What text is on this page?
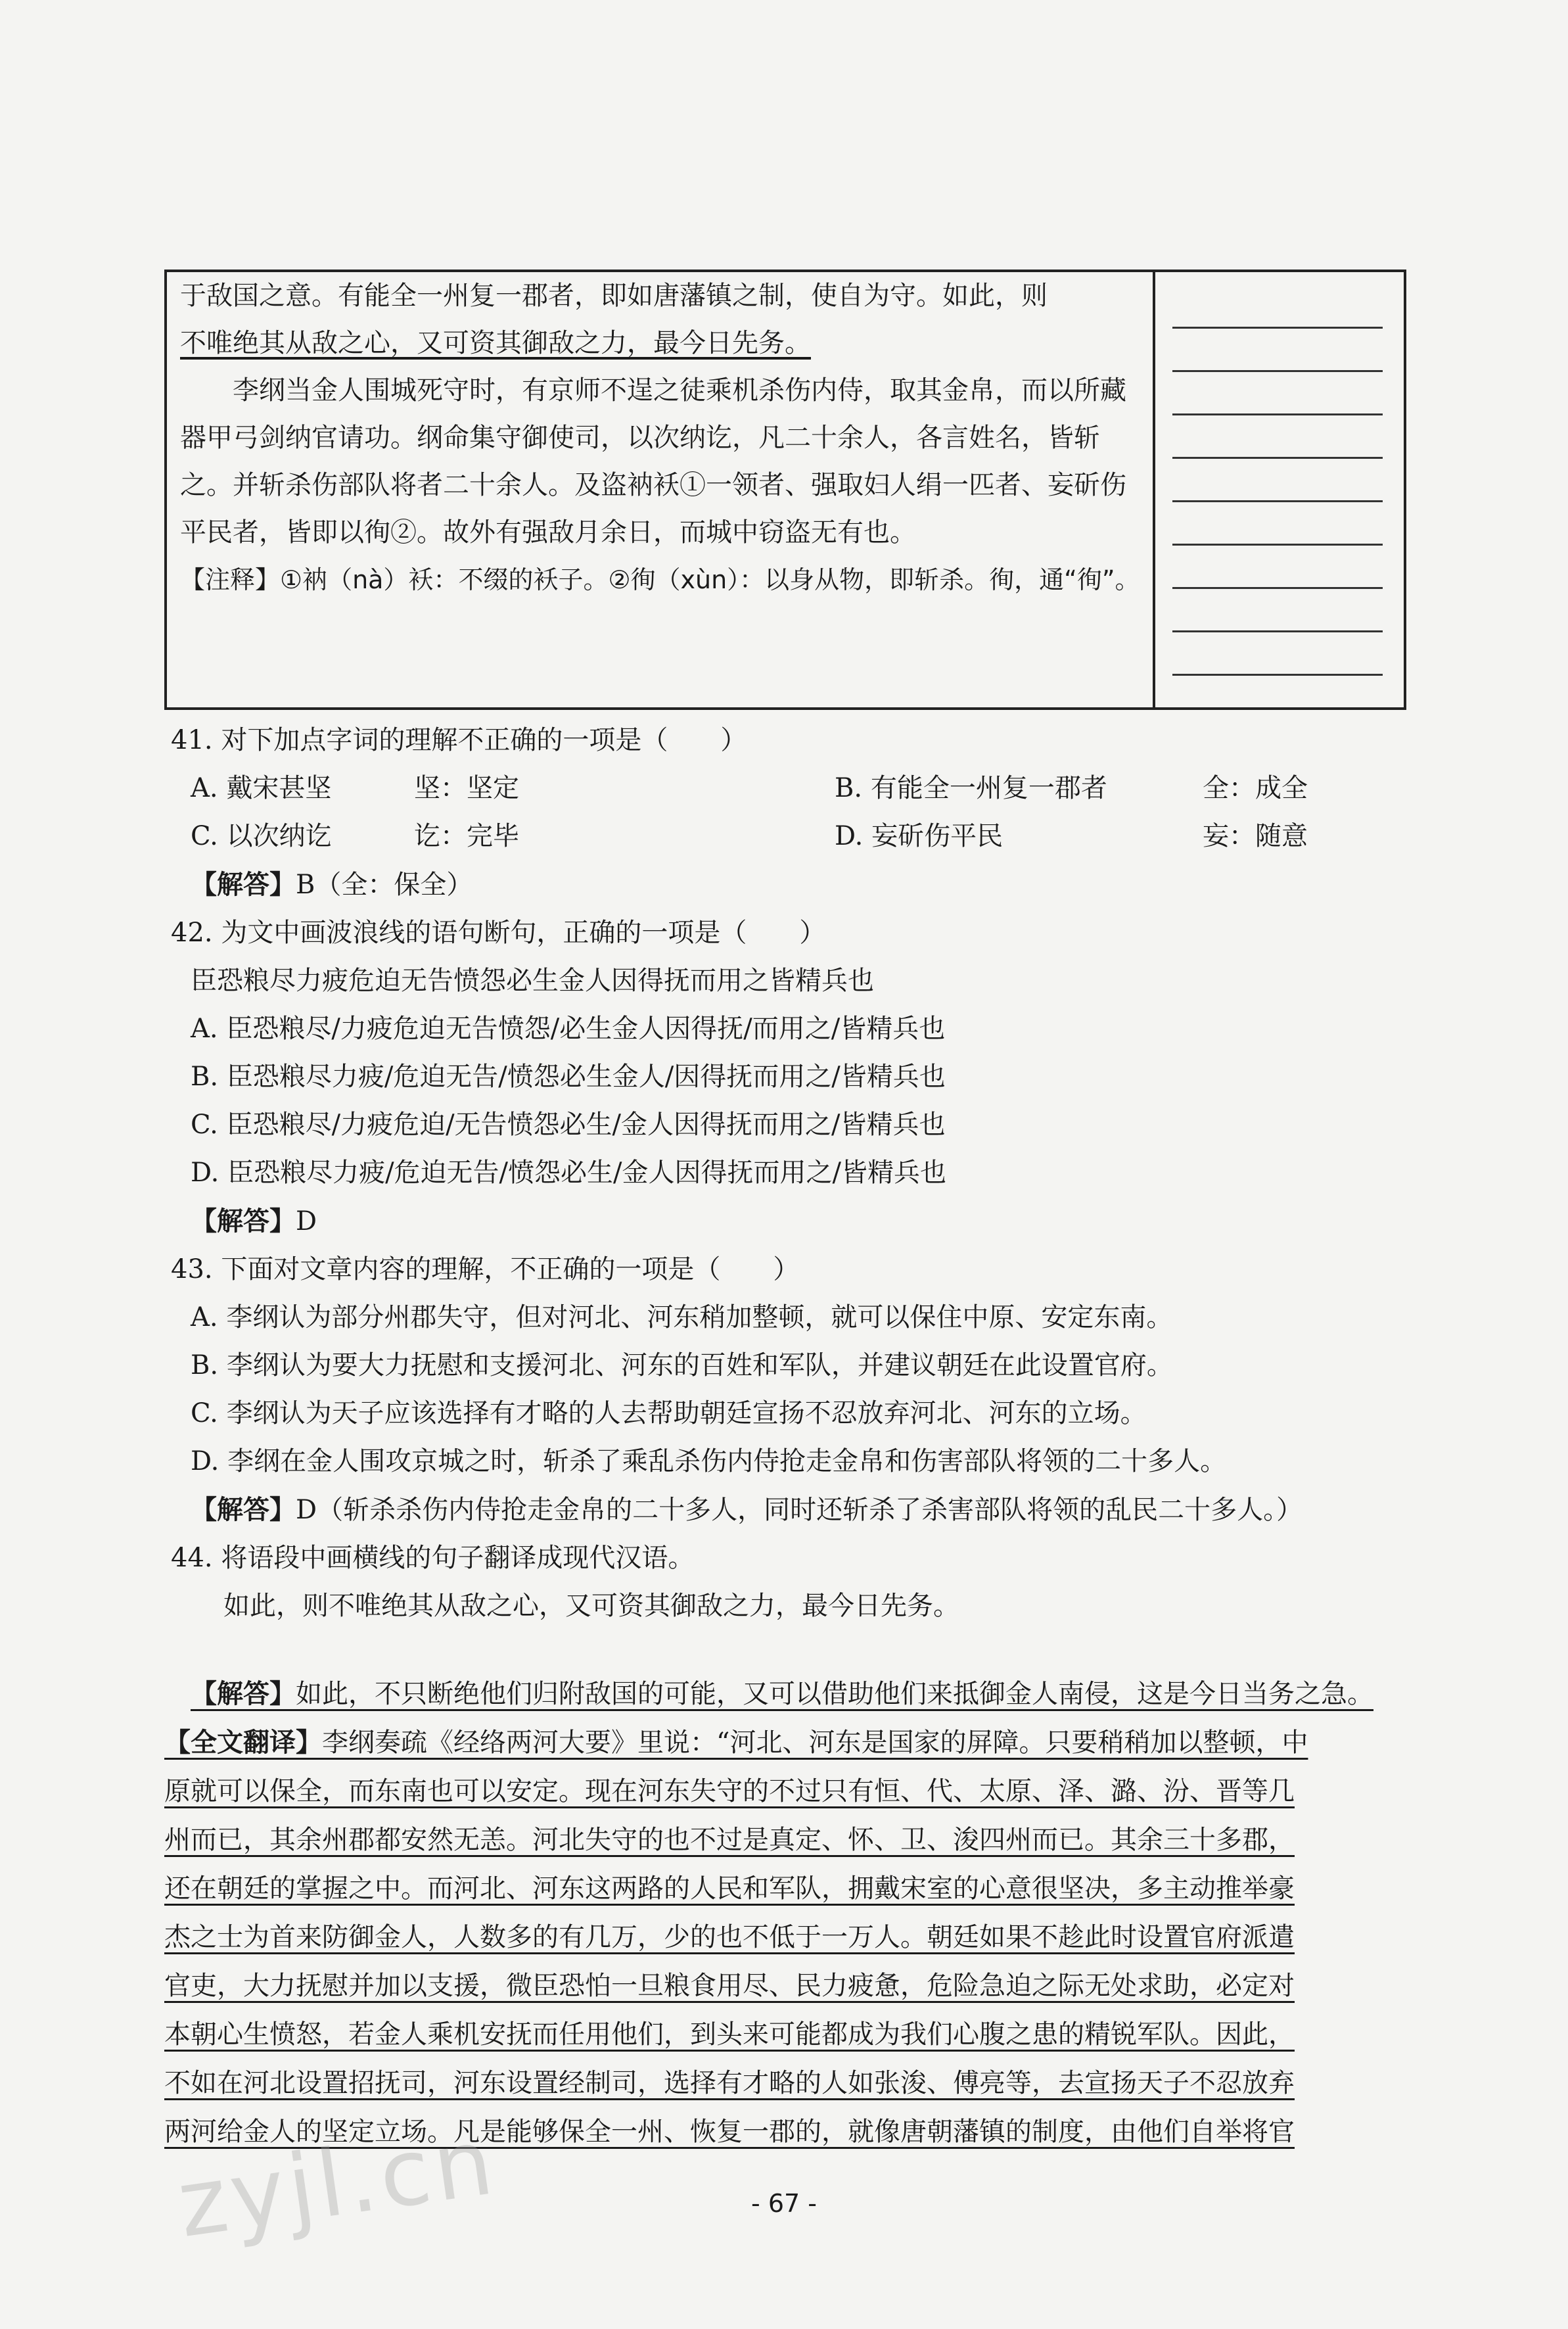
于敌国之意。有能全一州复一郡者，即如唐藩镇之制，使自为守。如此，则

不唯绝其从敌之心，又可资其御敌之力，最今日先务。

李纲当金人围城死守时，有京师不逞之徒乘机杀伤内侍，取其金帛，而以所藏器甲弓剑纳官请功。纲命集守御使司，以次纳讫，凡二十余人，各言姓名，皆斩之。并斩杀伤部队将者二十余人。及盗衲袄①一领者、强取妇人绢一匹者、妄斫伤平民者，皆即以徇②。故外有强敌月余日，而城中窃盗无有也。

【注释】①衲（nà）袄：不缀的袄子。②徇（xùn）：以身从物，即斩杀。徇，通“徇”。

41. 对下加点字词的理解不正确的一项是（　　）

A. 戴宋甚坚	坚：坚定	B. 有能全一州复一郡者	全：成全
C. 以次纳讫	讫：完毕	D. 妄斫伤平民	妄：随意

【解答】B（全：保全）

42. 为文中画波浪线的语句断句，正确的一项是（　　）

臣恐粮尽力疲危迫无告愤怨必生金人因得抚而用之皆精兵也

A. 臣恐粮尽/力疲危迫无告愤怨/必生金人因得抚/而用之/皆精兵也

B. 臣恐粮尽力疲/危迫无告/愤怨必生金人/因得抚而用之/皆精兵也

C. 臣恐粮尽/力疲危迫/无告愤怨必生/金人因得抚而用之/皆精兵也

D. 臣恐粮尽力疲/危迫无告/愤怨必生/金人因得抚而用之/皆精兵也

【解答】D

43. 下面对文章内容的理解，不正确的一项是（　　）

A. 李纲认为部分州郡失守，但对河北、河东稍加整顿，就可以保住中原、安定东南。

B. 李纲认为要大力抚慰和支援河北、河东的百姓和军队，并建议朝廷在此设置官府。

C. 李纲认为天子应该选择有才略的人去帮助朝廷宣扬不忍放弃河北、河东的立场。

D. 李纲在金人围攻京城之时，斩杀了乘乱杀伤内侍抢走金帛和伤害部队将领的二十多人。

【解答】D（斩杀杀伤内侍抢走金帛的二十多人，同时还斩杀了杀害部队将领的乱民二十多人。）

44. 将语段中画横线的句子翻译成现代汉语。

如此，则不唯绝其从敌之心，又可资其御敌之力，最今日先务。

【解答】如此，不只断绝他们归附敌国的可能，又可以借助他们来抵御金人南侵，这是今日当务之急。

【全文翻译】李纲奏疏《经络两河大要》里说：“河北、河东是国家的屏障。只要稍稍加以整顿，中

原就可以保全，而东南也可以安定。现在河东失守的不过只有恒、代、太原、泽、潞、汾、晋等几

州而已，其余州郡都安然无恙。河北失守的也不过是真定、怀、卫、浚四州而已。其余三十多郡，

还在朝廷的掌握之中。而河北、河东这两路的人民和军队，拥戴宋室的心意很坚决，多主动推举豪

杰之士为首来防御金人，人数多的有几万，少的也不低于一万人。朝廷如果不趁此时设置官府派遣

官吏，大力抚慰并加以支援，微臣恐怕一旦粮食用尽、民力疲惫，危险急迫之际无处求助，必定对

本朝心生愤怒，若金人乘机安抚而任用他们，到头来可能都成为我们心腹之患的精锐军队。因此，

不如在河北设置招抚司，河东设置经制司，选择有才略的人如张浚、傅亮等，去宣扬天子不忍放弃

两河给金人的坚定立场。凡是能够保全一州、恢复一郡的，就像唐朝藩镇的制度，由他们自举将官

zyjl.cn	- 67 -
